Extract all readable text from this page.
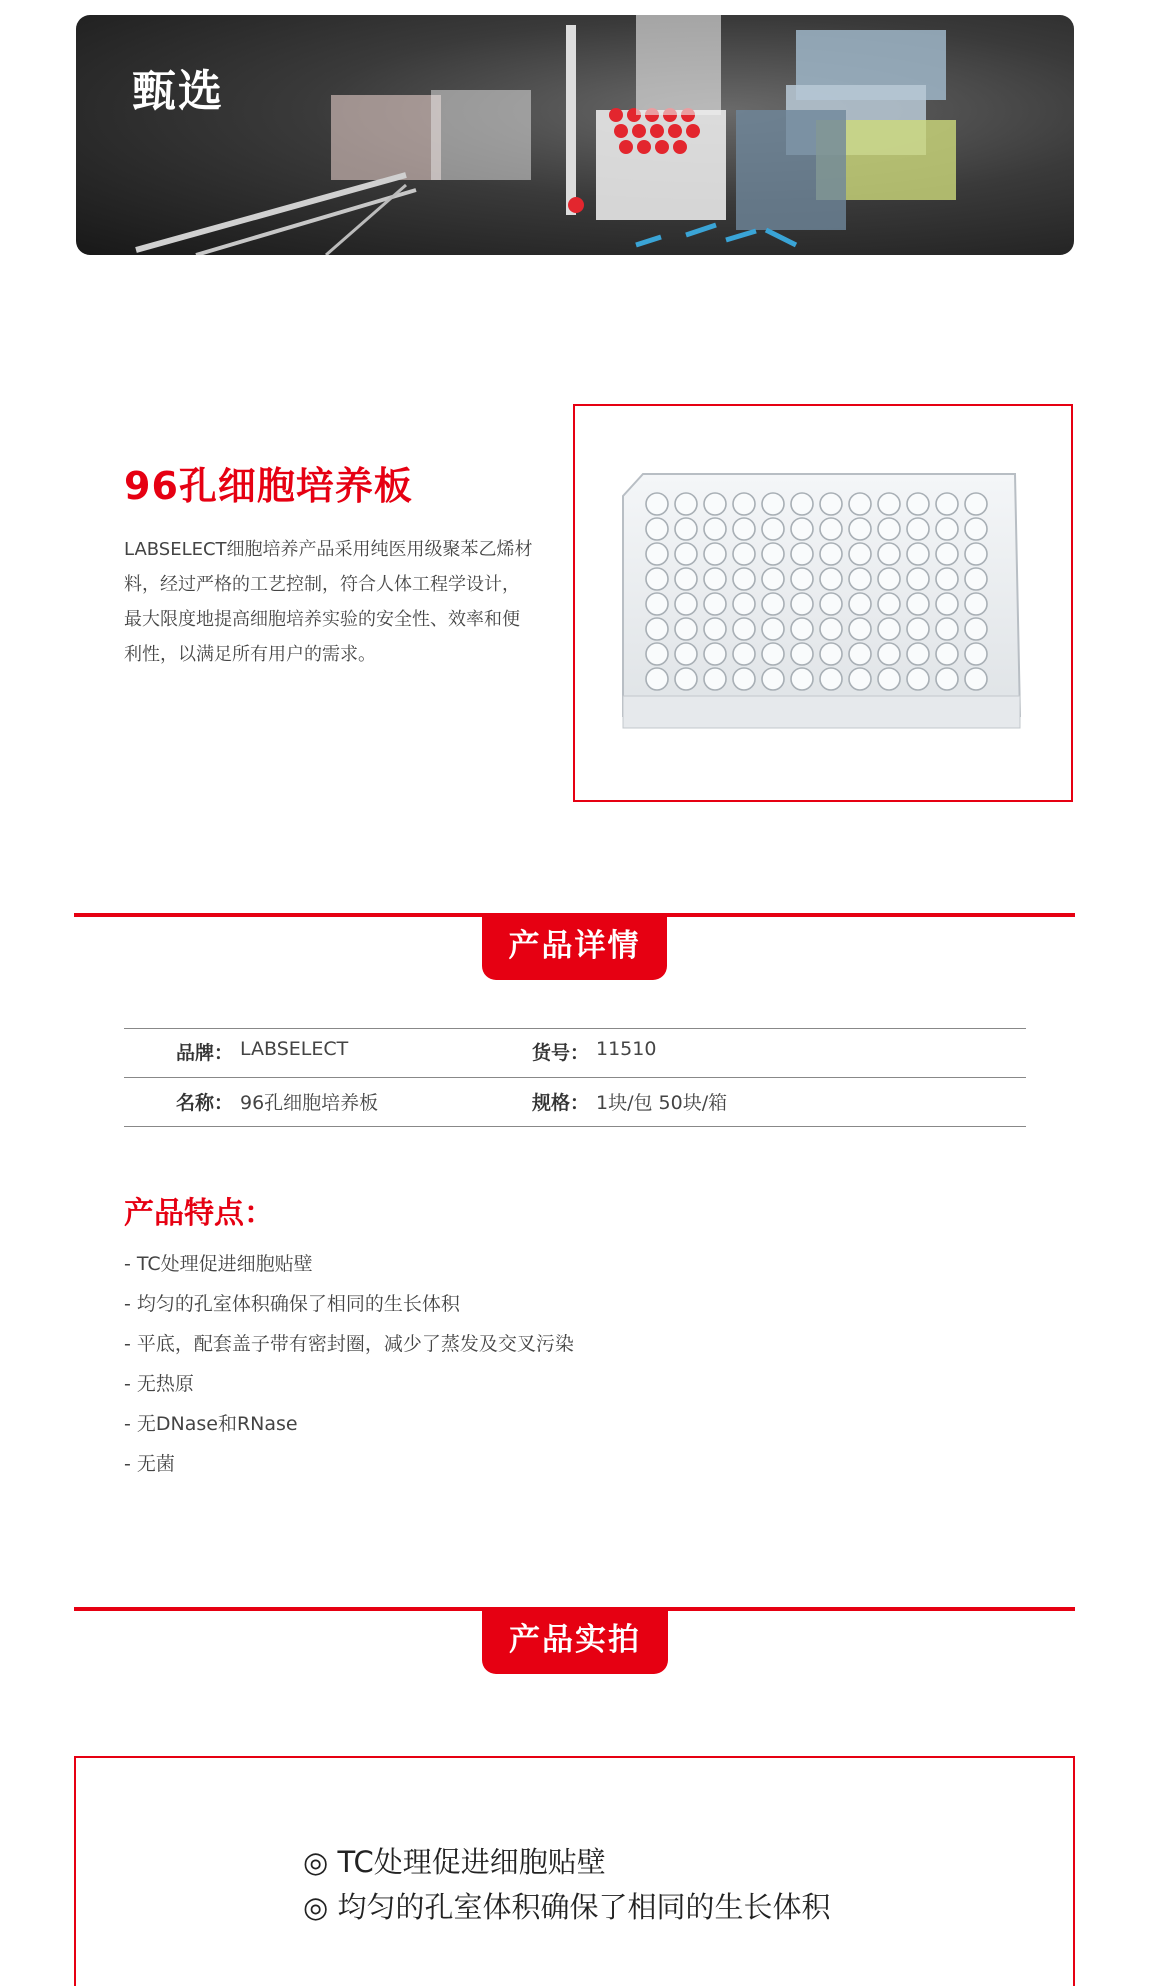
甄选
96孔细胞培养板

LABSELECT细胞培养产品采用纯医用级聚苯乙烯材料，经过严格的工艺控制，符合人体工程学设计，最大限度地提高细胞培养实验的安全性、效率和便利性，以满足所有用户的需求。

产品详情
品牌： LABSELECT	货号： 11510
名称： 96孔细胞培养板	规格： 1块/包 50块/箱
产品特点：
- TC处理促进细胞贴壁
- 均匀的孔室体积确保了相同的生长体积
- 平底，配套盖子带有密封圈，减少了蒸发及交叉污染
- 无热原
- 无DNase和RNase
- 无菌
产品实拍
◎ TC处理促进细胞贴壁
◎ 均匀的孔室体积确保了相同的生长体积
